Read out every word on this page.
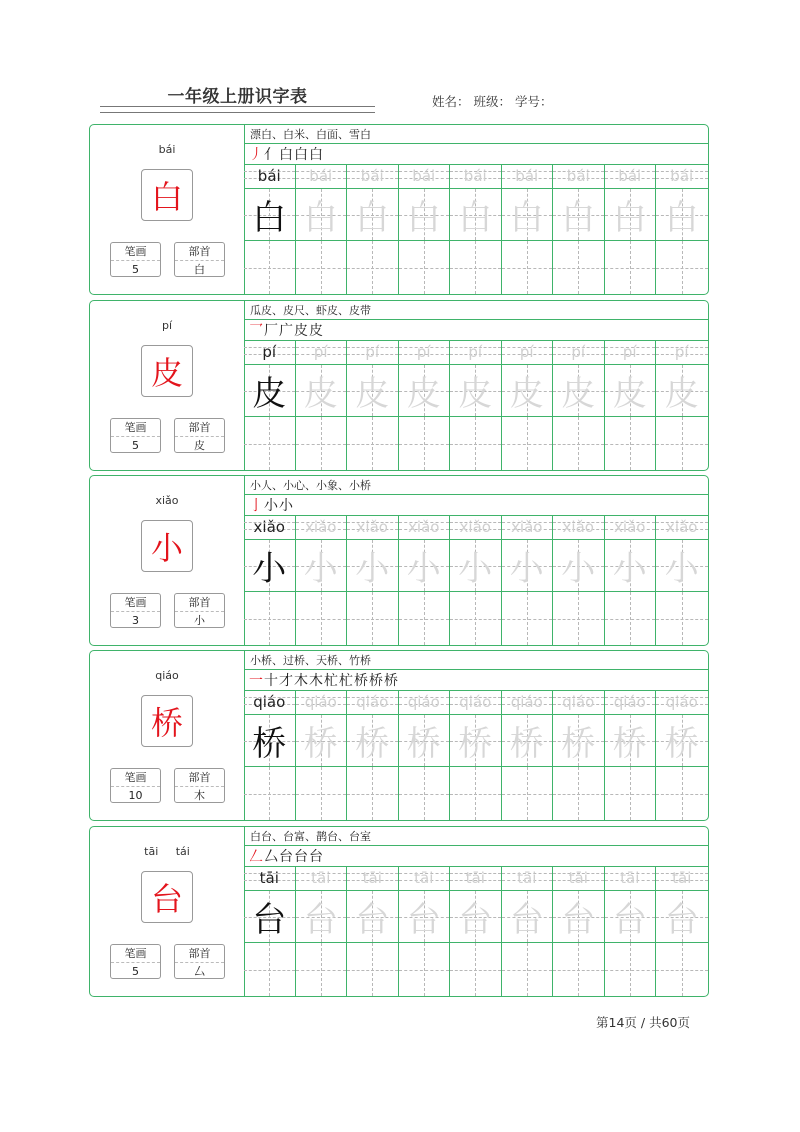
一年级上册识字表	姓名： 班级： 学号：
bái
白
笔画
5
部首
白
漂白、白米、白面、雪白
丿亻白白白
bái
白
bái
白
bái
白
bái
白
bái
白
bái
白
bái
白
bái
白
bái
白
pí
皮
笔画
5
部首
皮
瓜皮、皮尺、虾皮、皮带
乛厂广皮皮
pí
皮
pí
皮
pí
皮
pí
皮
pí
皮
pí
皮
pí
皮
pí
皮
pí
皮
xiǎo
小
笔画
3
部首
小
小人、小心、小象、小桥
亅小小
xiǎo
小
xiǎo
小
xiǎo
小
xiǎo
小
xiǎo
小
xiǎo
小
xiǎo
小
xiǎo
小
xiǎo
小
qiáo
桥
笔画
10
部首
木
小桥、过桥、天桥、竹桥
一十才木木杧杧桥桥桥
qiáo
桥
qiáo
桥
qiáo
桥
qiáo
桥
qiáo
桥
qiáo
桥
qiáo
桥
qiáo
桥
qiáo
桥
tāi tái
台
笔画
5
部首
厶
白台、台富、鹊台、台室
𠃋厶台台台
tāi
台
tāi
台
tāi
台
tāi
台
tāi
台
tāi
台
tāi
台
tāi
台
tāi
台
第14页 / 共60页
